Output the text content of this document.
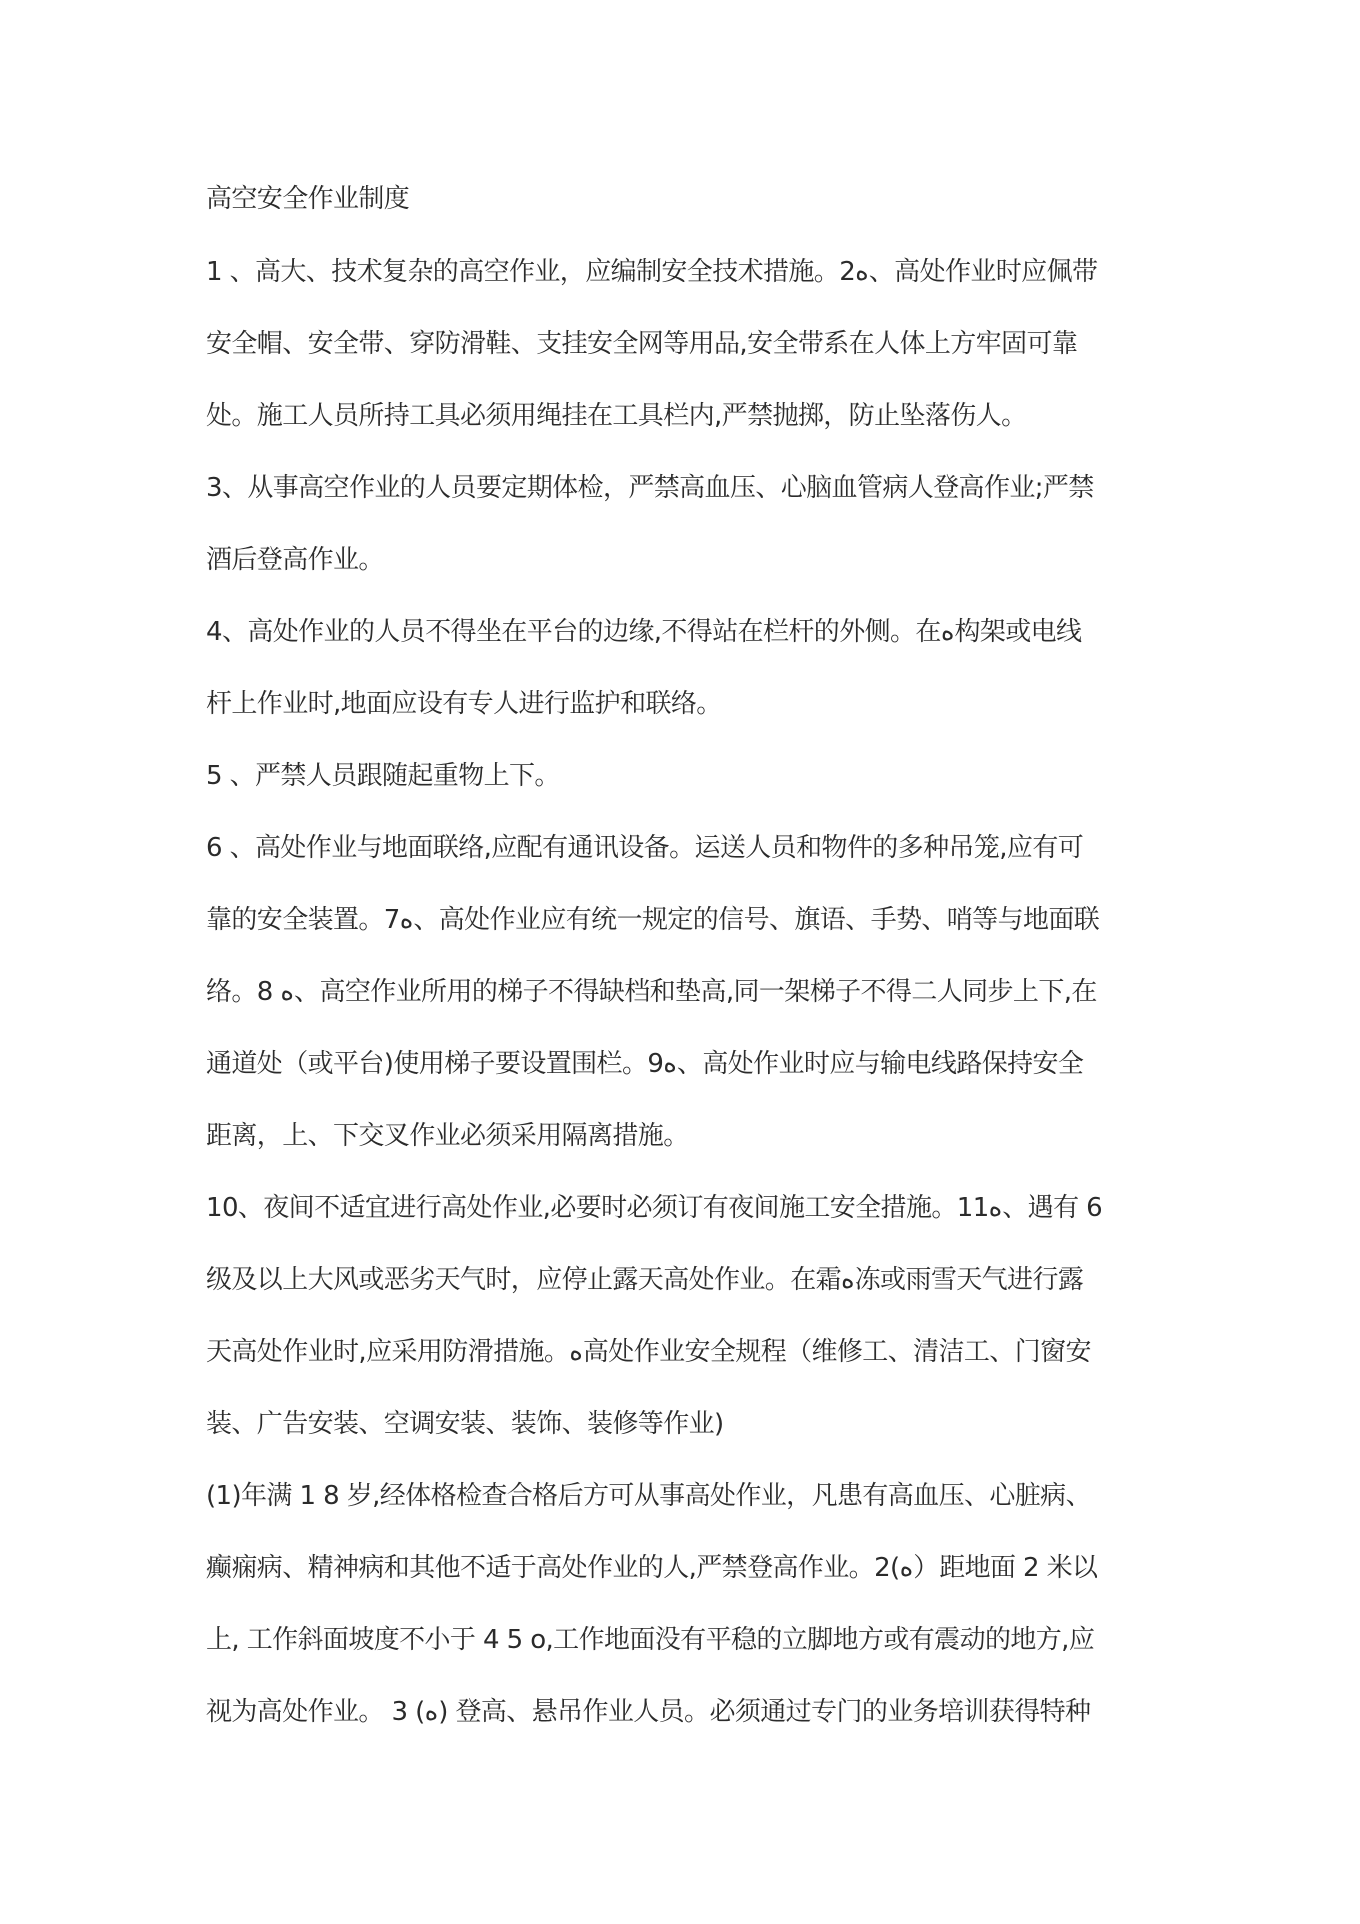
高空安全作业制度
1 、高大、技术复杂的高空作业，应编制安全技术措施。2ه、高处作业时应佩带
安全帽、安全带、穿防滑鞋、支挂安全网等用品,安全带系在人体上方牢固可靠
处。施工人员所持工具必须用绳挂在工具栏内,严禁抛掷，防止坠落伤人。
3、从事高空作业的人员要定期体检，严禁高血压、心脑血管病人登高作业;严禁
酒后登高作业。
4、高处作业的人员不得坐在平台的边缘,不得站在栏杆的外侧。在ه构架或电线
杆上作业时,地面应设有专人进行监护和联络。
5 、严禁人员跟随起重物上下。
6 、高处作业与地面联络,应配有通讯设备。运送人员和物件的多种吊笼,应有可
靠的安全装置。7ه、高处作业应有统一规定的信号、旗语、手势、哨等与地面联
络。8 ه、高空作业所用的梯子不得缺档和垫高,同一架梯子不得二人同步上下,在
通道处（或平台)使用梯子要设置围栏。9ه、高处作业时应与输电线路保持安全
距离，上、下交叉作业必须采用隔离措施。
10、夜间不适宜进行高处作业,必要时必须订有夜间施工安全措施。11ه、遇有 6
级及以上大风或恶劣天气时，应停止露天高处作业。在霜ه冻或雨雪天气进行露
天高处作业时,应采用防滑措施。ه高处作业安全规程（维修工、清洁工、门窗安
装、广告安装、空调安装、装饰、装修等作业)
(1)年满 1 8 岁,经体格检查合格后方可从事高处作业，凡患有高血压、心脏病、
癫痫病、精神病和其他不适于高处作业的人,严禁登高作业。2(ه）距地面 2 米以
上, 工作斜面坡度不小于 4 5 o,工作地面没有平稳的立脚地方或有震动的地方,应
视为高处作业。 3 (ه) 登高、悬吊作业人员。必须通过专门的业务培训获得特种
